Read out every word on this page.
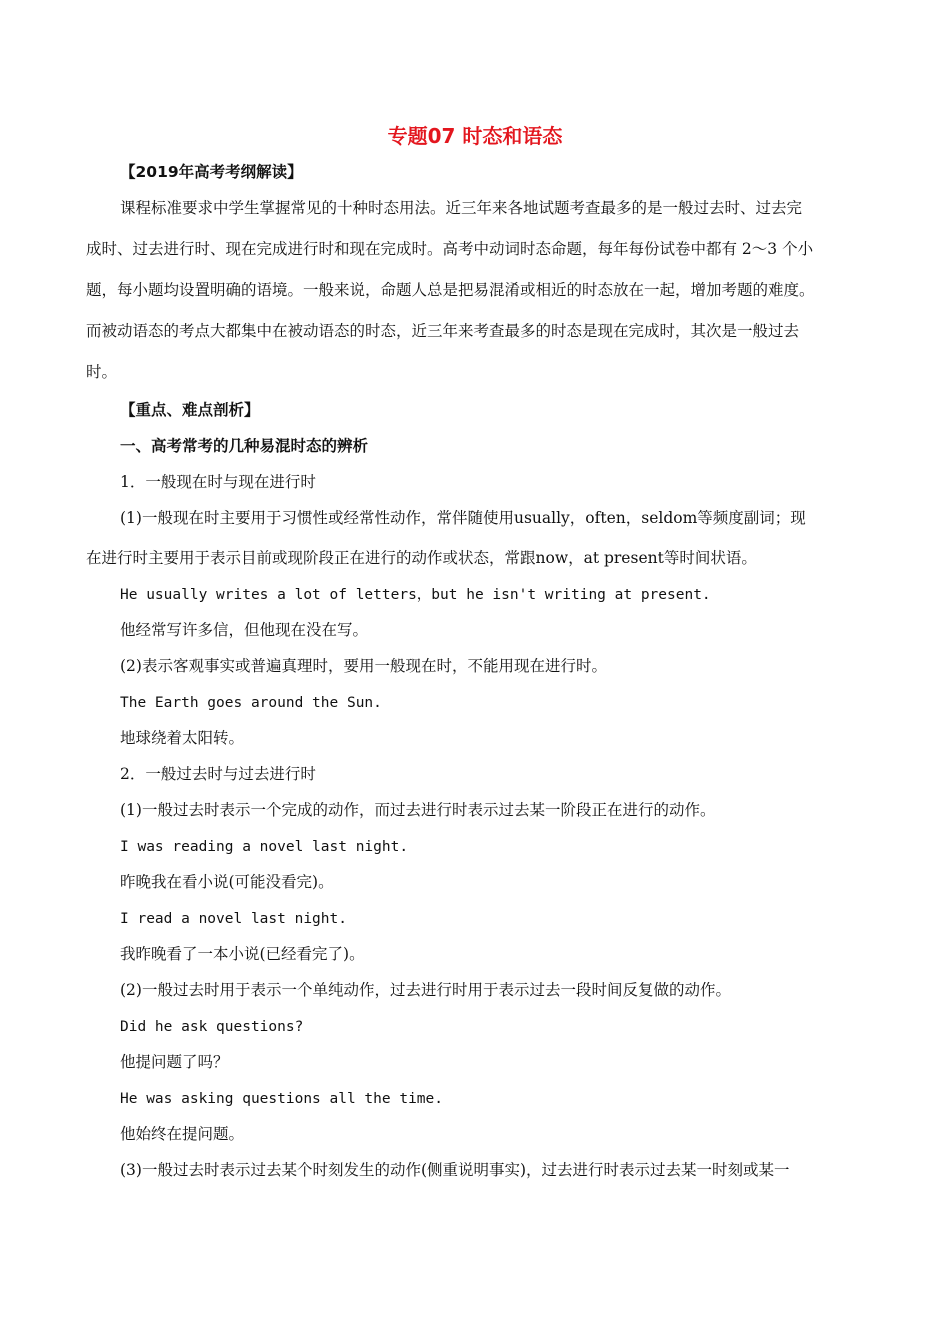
专题07 时态和语态
【2019年高考考纲解读】
课程标准要求中学生掌握常见的十种时态用法。近三年来各地试题考查最多的是一般过去时、过去完
成时、过去进行时、现在完成进行时和现在完成时。高考中动词时态命题，每年每份试卷中都有 2～3 个小
题，每小题均设置明确的语境。一般来说，命题人总是把易混淆或相近的时态放在一起，增加考题的难度。
而被动语态的考点大都集中在被动语态的时态，近三年来考查最多的时态是现在完成时，其次是一般过去
时。
【重点、难点剖析】
一、高考常考的几种易混时态的辨析
1．一般现在时与现在进行时
(1)一般现在时主要用于习惯性或经常性动作，常伴随使用usually，often，seldom等频度副词；现
在进行时主要用于表示目前或现阶段正在进行的动作或状态，常跟now，at present等时间状语。
He usually writes a lot of letters，but he isn't writing at present.
他经常写许多信，但他现在没在写。
(2)表示客观事实或普遍真理时，要用一般现在时，不能用现在进行时。
The Earth goes around the Sun.
地球绕着太阳转。
2．一般过去时与过去进行时
(1)一般过去时表示一个完成的动作，而过去进行时表示过去某一阶段正在进行的动作。
I was reading a novel last night.
昨晚我在看小说(可能没看完)。
I read a novel last night.
我昨晚看了一本小说(已经看完了)。
(2)一般过去时用于表示一个单纯动作，过去进行时用于表示过去一段时间反复做的动作。
Did he ask questions?
他提问题了吗？
He was asking questions all the time.
他始终在提问题。
(3)一般过去时表示过去某个时刻发生的动作(侧重说明事实)，过去进行时表示过去某一时刻或某一
